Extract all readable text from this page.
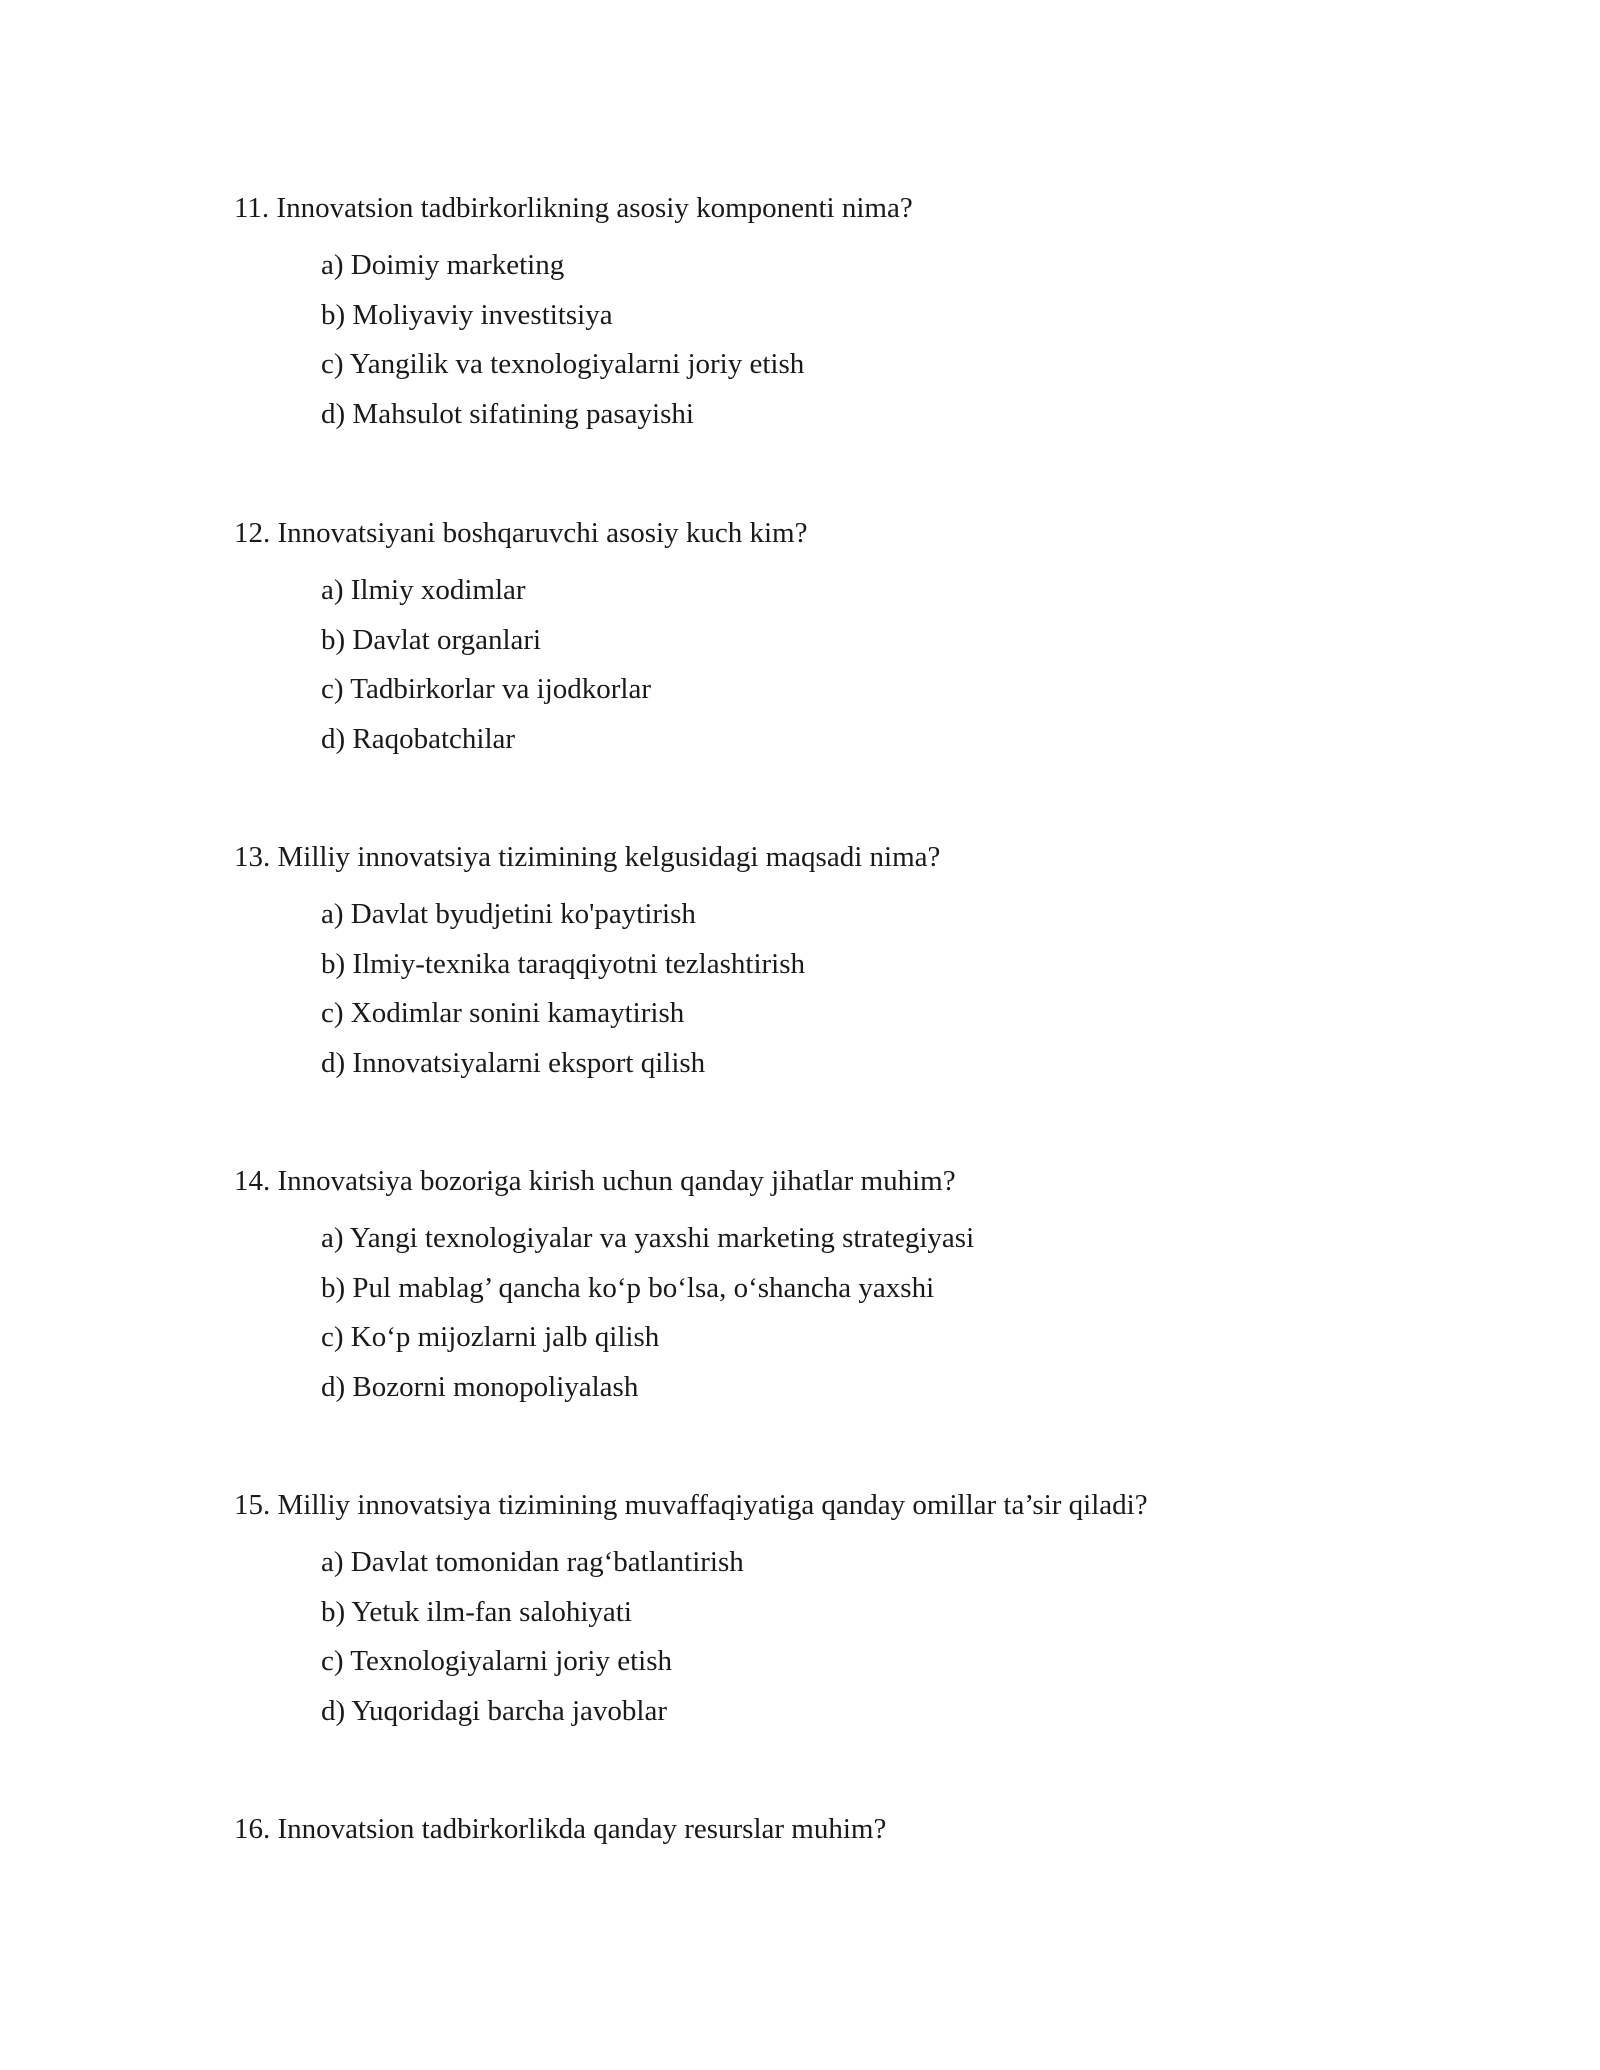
11. Innovatsion tadbirkorlikning asosiy komponenti nima?

a) Doimiy marketing
b) Moliyaviy investitsiya
c) Yangilik va texnologiyalarni joriy etish
d) Mahsulot sifatining pasayishi

12. Innovatsiyani boshqaruvchi asosiy kuch kim?

a) Ilmiy xodimlar
b) Davlat organlari
c) Tadbirkorlar va ijodkorlar
d) Raqobatchilar

13. Milliy innovatsiya tizimining kelgusidagi maqsadi nima?

a) Davlat byudjetini ko'paytirish
b) Ilmiy-texnika taraqqiyotni tezlashtirish
c) Xodimlar sonini kamaytirish
d) Innovatsiyalarni eksport qilish

14. Innovatsiya bozoriga kirish uchun qanday jihatlar muhim?

a) Yangi texnologiyalar va yaxshi marketing strategiyasi
b) Pul mablag’ qancha ko‘p bo‘lsa, o‘shancha yaxshi
c) Ko‘p mijozlarni jalb qilish
d) Bozorni monopoliyalash

15. Milliy innovatsiya tizimining muvaffaqiyatiga qanday omillar ta’sir qiladi?

a) Davlat tomonidan rag‘batlantirish
b) Yetuk ilm-fan salohiyati
c) Texnologiyalarni joriy etish
d) Yuqoridagi barcha javoblar

16. Innovatsion tadbirkorlikda qanday resurslar muhim?
